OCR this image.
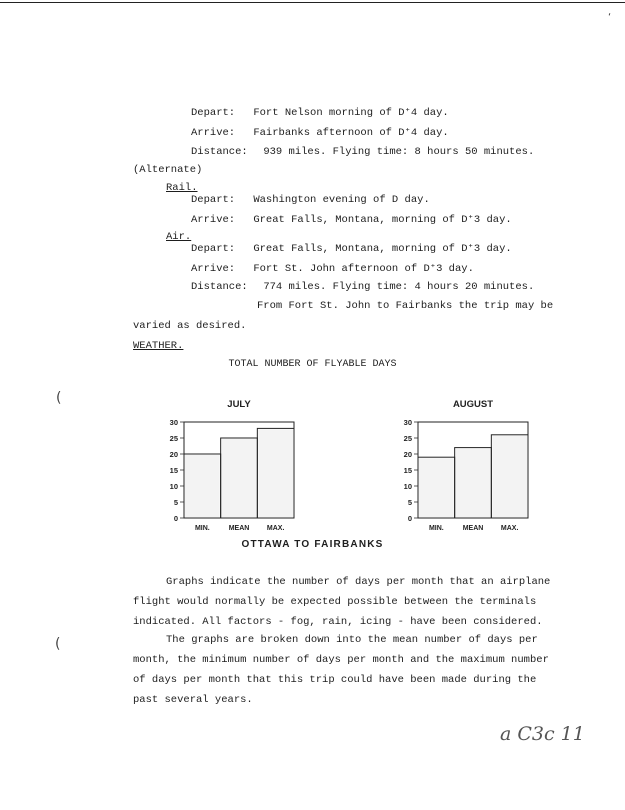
‘
(
(
Depart: Fort Nelson morning of D⁺4 day.
Arrive: Fairbanks afternoon of D⁺4 day.
Distance: 939 miles. Flying time: 8 hours 50 minutes.
(Alternate)
Rail.
Depart: Washington evening of D day.
Arrive: Great Falls, Montana, morning of D⁺3 day.
Air.
Depart: Great Falls, Montana, morning of D⁺3 day.
Arrive: Fort St. John afternoon of D⁺3 day.
Distance: 774 miles. Flying time: 4 hours 20 minutes.
From Fort St. John to Fairbanks the trip may be
varied as desired.
WEATHER.
TOTAL NUMBER OF FLYABLE DAYS
JULY
0
5
10
15
20
25
30
MIN.	MEAN	MAX.
AUGUST
0
5
10
15
20
25
30
MIN.	MEAN	MAX.
OTTAWA TO FAIRBANKS
Graphs indicate the number of days per month that an airplane
flight would normally be expected possible between the terminals
indicated. All factors - fog, rain, icing - have been considered.
The graphs are broken down into the mean number of days per
month, the minimum number of days per month and the maximum number
of days per month that this trip could have been made during the
past several years.
a C3c 11
